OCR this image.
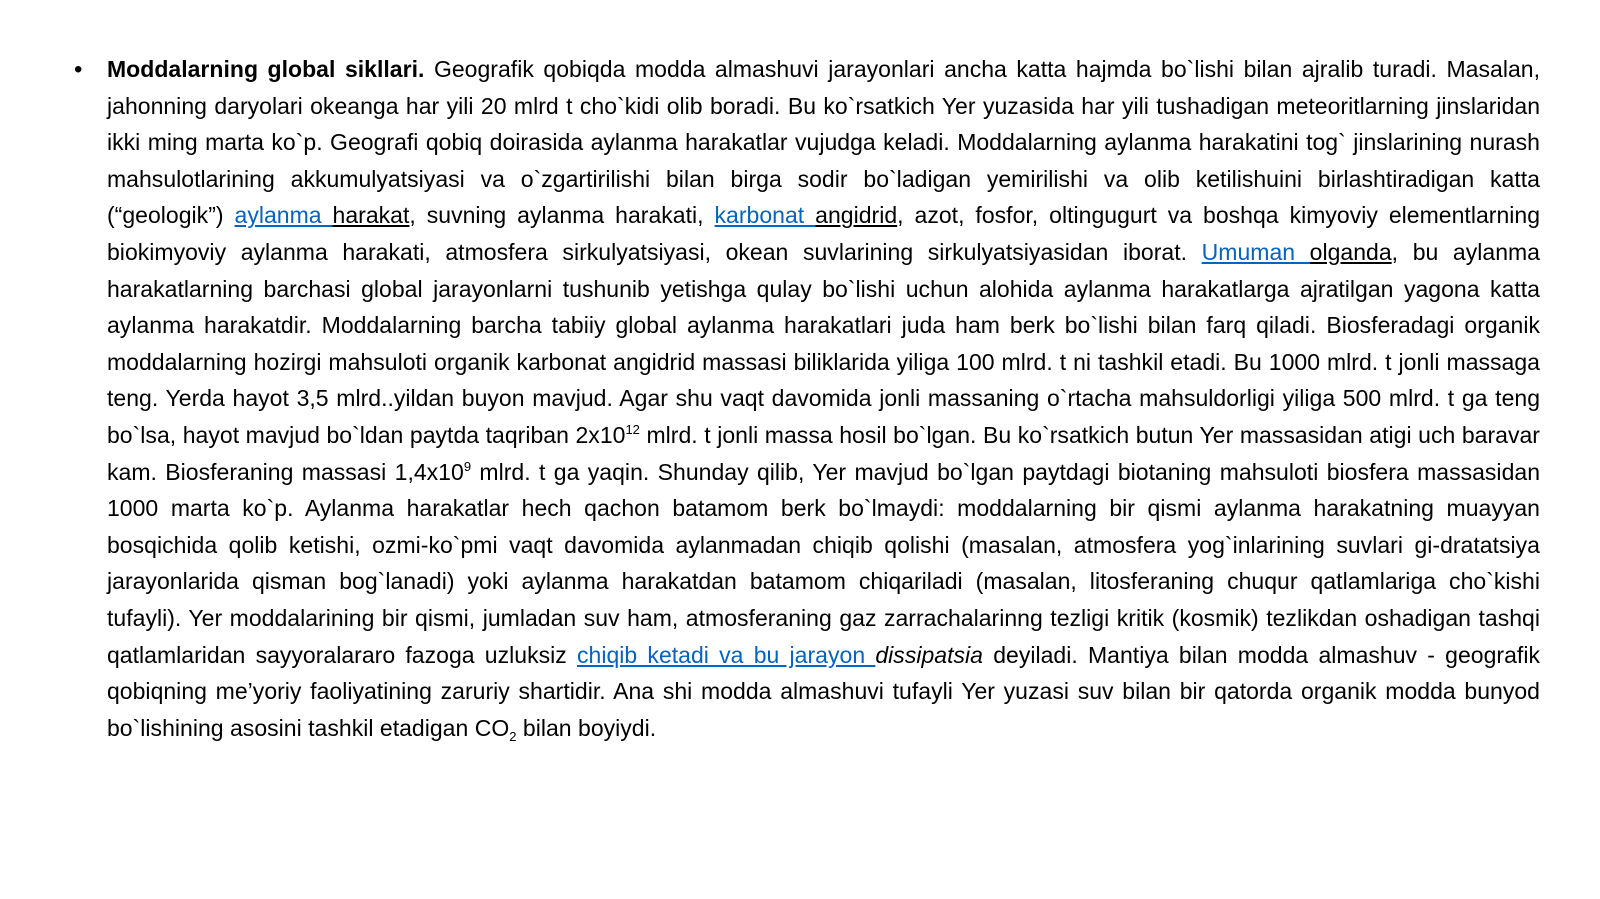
• Moddalarning global sikllari. Geografik qobiqda modda almashuvi jarayonlari ancha katta hajmda bo`lishi bilan ajralib turadi. Masalan, jahonning daryolari okeanga har yili 20 mlrd t cho`kidi olib boradi. Bu ko`rsatkich Yer yuzasida har yili tushadigan meteoritlarning jinslaridan ikki ming marta ko`p. Geografi qobiq doirasida aylanma harakatlar vujudga keladi. Moddalarning aylanma harakatini tog` jinslarining nurash mahsulotlarining akkumulyatsiyasi va o`zgartirilishi bilan birga sodir bo`ladigan yemirilishi va olib ketilishuini birlashtiradigan katta (“geologik”) aylanma harakat, suvning aylanma harakati, karbonat angidrid, azot, fosfor, oltingugurt va boshqa kimyoviy elementlarning biokimyoviy aylanma harakati, atmosfera sirkulyatsiyasi, okean suvlarining sirkulyatsiyasidan iborat. Umuman olganda, bu aylanma harakatlarning barchasi global jarayonlarni tushunib yetishga qulay bo`lishi uchun alohida aylanma harakatlarga ajratilgan yagona katta aylanma harakatdir. Moddalarning barcha tabiiy global aylanma harakatlari juda ham berk bo`lishi bilan farq qiladi. Biosferadagi organik moddalarning hozirgi mahsuloti organik karbonat angidrid massasi biliklarida yiliga 100 mlrd. t ni tashkil etadi. Bu 1000 mlrd. t jonli massaga teng. Yerda hayot 3,5 mlrd..yildan buyon mavjud. Agar shu vaqt davomida jonli massaning o`rtacha mahsuldorligi yiliga 500 mlrd. t ga teng bo`lsa, hayot mavjud bo`ldan paytda taqriban $2x10^{12}$ mlrd. t jonli massa hosil bo`lgan. Bu ko`rsatkich butun Yer massasidan atigi uch baravar kam. Biosferaning massasi $1,4x10^9$ mlrd. t ga yaqin. Shunday qilib, Yer mavjud bo`lgan paytdagi biotaning mahsuloti biosfera massasidan 1000 marta ko`p. Aylanma harakatlar hech qachon batamom berk bo`lmaydi: moddalarning bir qismi aylanma harakatning muayyan bosqichida qolib ketishi, ozmi-ko`pmi vaqt davomida aylanmadan chiqib qolishi (masalan, atmosfera yog`inlarining suvlari gi-dratatsiya jarayonlarida qisman bog`lanadi) yoki aylanma harakatdan batamom chiqariladi (masalan, litosferaning chuqur qatlamlariga cho`kishi tufayli). Yer moddalarining bir qismi, jumladan suv ham, atmosferaning gaz zarrachalarinng tezligi kritik (kosmik) tezlikdan oshadigan tashqi qatlamlaridan sayyoralararo fazoga uzluksiz chiqib ketadi va bu jarayon dissipatsia deyiladi. Mantiya bilan modda almashuv - geografik qobiqning me’yoriy faoliyatining zaruriy shartidir. Ana shi modda almashuvi tufayli Yer yuzasi suv bilan bir qatorda organik modda bunyod bo`lishining asosini tashkil etadigan $CO_2$ bilan boyiydi.
